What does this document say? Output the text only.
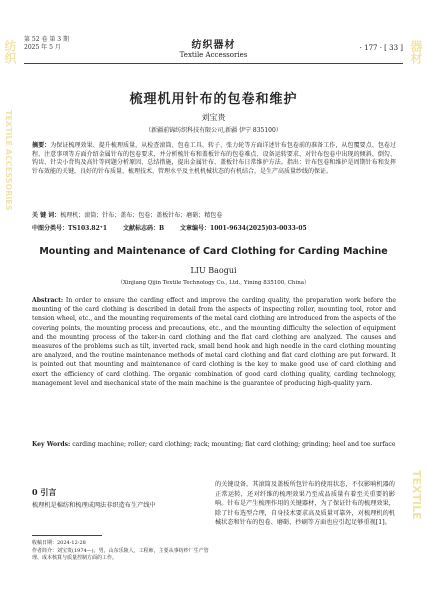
纺织
TEXTILE ACCESSORIES
器材
TEXTILE
第 52 卷 第 3 期
2025 年 5 月	纺织器材
Textile Accessories
· 177 · [ 33 ]
梳理机用针布的包卷和维护
刘宝贵
（新疆前锦纺织科技有限公司,新疆 伊宁 835100）
摘要：为保证梳理效果、提升梳理质量，从检查滚筒、包卷工具、转子、张力轮等方面详述针布包卷前的准备工作，从包覆要点、包卷过程、注意事项等方面介绍金属针布的包卷要求，并分析梳针布和盖板针布的包卷难点、设备运转要求、对针布包卷中出现的倾斜、倒勾、钩齿、针尖小背钩及高针等问题分析原因、总结措施，提出金属针布、盖板针布日常维护方法。指出：针布包卷和维护是周期针布和发挥针布效能的关键，良好的针布质量、梳理技术、管理水平及主机机械状态的有机结合，是生产高质量纱线的保证。
关 键 词：梳理机；滚筒；针布；盖布；包卷；盖板针布；磨砺；精包卷
中图分类号：TS103.82⁺1	文献标志码：B	文章编号：1001-9634(2025)03-0033-05
Mounting and Maintenance of Card Clothing for Carding Machine
LIU Baogui
（Xinjiang Qijin Textile Technology Co., Ltd., Yining 835100, China）
Abstract: In order to ensure the carding effect and improve the carding quality, the preparation work before the mounting of the card clothing is described in detail from the aspects of inspecting roller, mounting tool, rotor and tension wheel, etc., and the mounting requirements of the metal card clothing are introduced from the aspects of the covering points, the mounting process and precautions, etc., and the mounting difficulty the selection of equipment and the mounting process of the taker-in card clothing and the flat card clothing are analyzed. The causes and measures of the problems such as tilt, inverted rack, small bend hook and high needle in the card clothing mounting are analyzed, and the routine maintenance methods of metal card clothing and flat card clothing are put forward. It is pointed out that mounting and maintenance of card clothing is the key to make good use of card clothing and exert the efficiency of card clothing. The organic combination of good card clothing quality, carding technology, management level and mechanical state of the main machine is the guarantee of producing high-quality yarn.
Key Words: carding machine; roller; card clothing; rack; mounting; flat card clothing; grinding; heel and toe surface
0 引言
梳理机是棉纺和梳理成网法非织造布生产线中
收稿日期：2024-12-28
作者简介：刘宝贵(1974—)，男，山东乐陵人，工程师，主要从事纺纱厂生产管理、成本核算与质量控制方面的工作。
的关键设备，其滚筒及盖板所包针布的使用状态，不仅影响机器的正常运转，还对纤维的梳理效果乃至成品质量有着至关重要的影响。针布是产生梳理作用的关键器材，为了保证针布的梳理效果，除了针布选型合理，自身技术要求高及质量可靠外，对梳理机的机械状态和针布的包卷、磨砺、抄刷等方面也应引起足够重视[1]。
